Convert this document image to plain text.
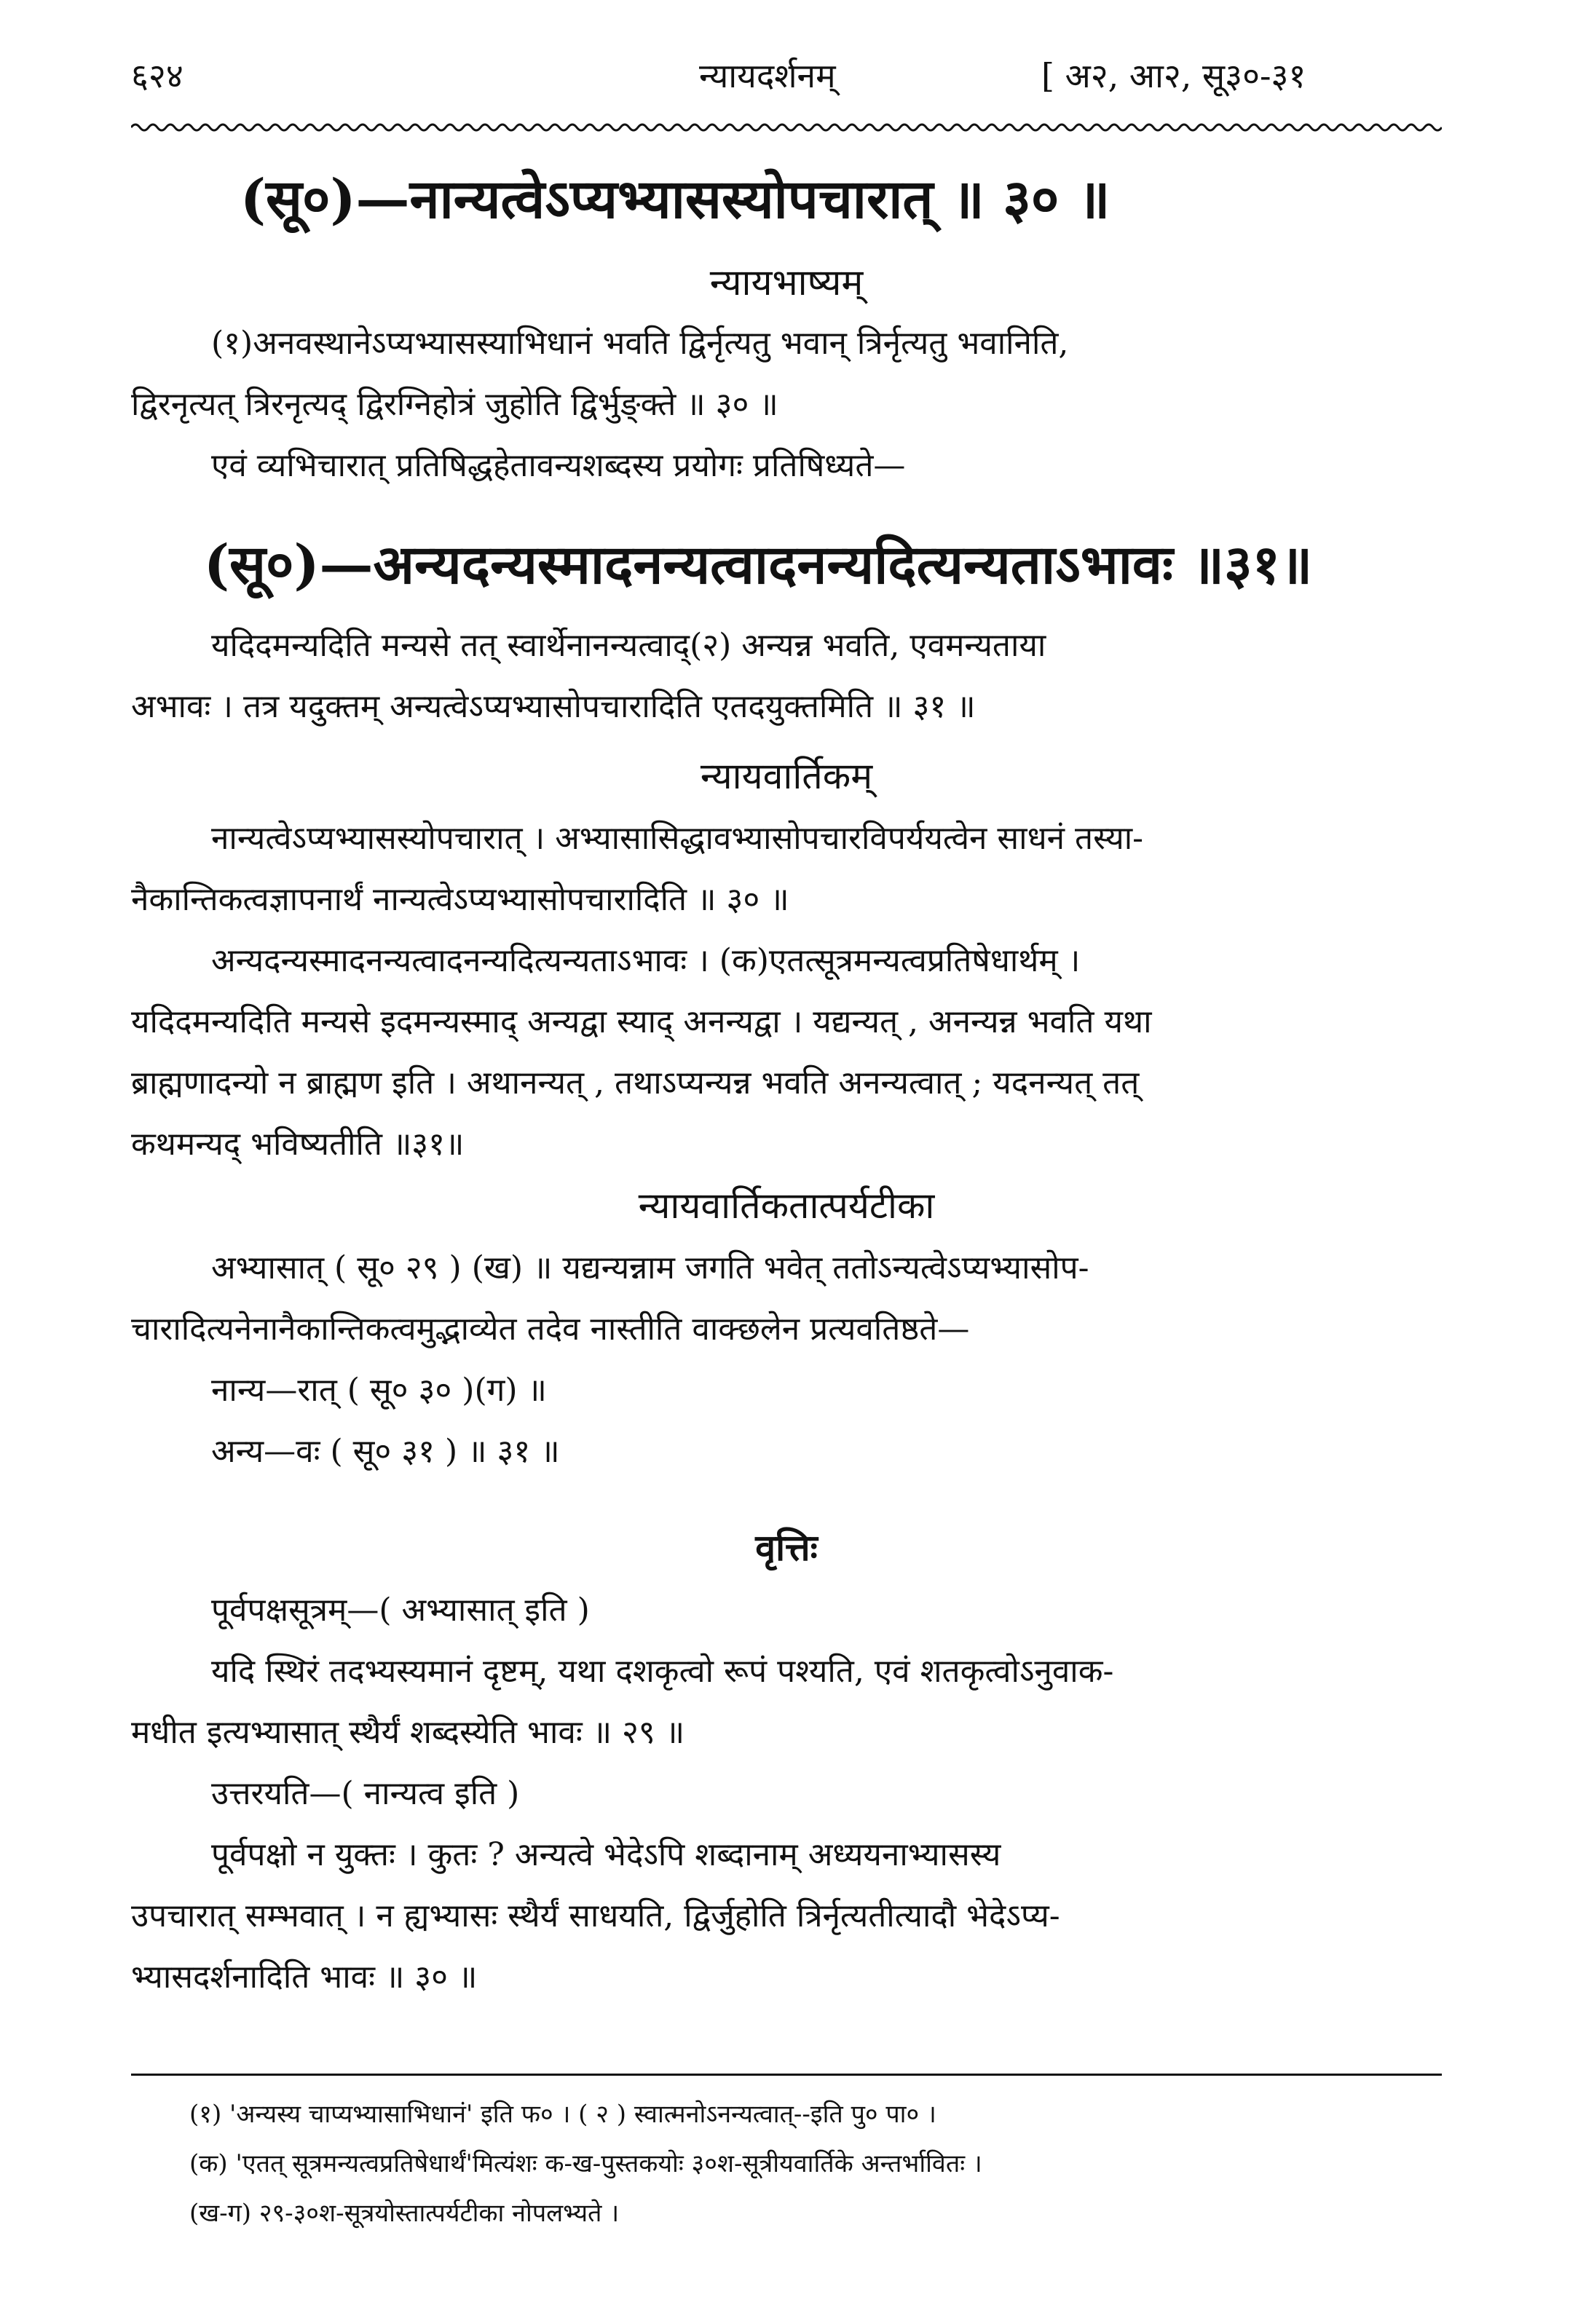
६२४	न्यायदर्शनम्	[ अ२, आ२, सू३०-३१
(सू०)—नान्यत्वेऽप्यभ्यासस्योपचारात् ॥ ३० ॥
न्यायभाष्यम्
(१)अनवस्थानेऽप्यभ्यासस्याभिधानं भवति द्विर्नृत्यतु भवान् त्रिर्नृत्यतु भवानिति,
द्विरनृत्यत् त्रिरनृत्यद् द्विरग्निहोत्रं जुहोति द्विर्भुङ्क्ते ॥ ३० ॥
एवं व्यभिचारात् प्रतिषिद्धहेतावन्यशब्दस्य प्रयोगः प्रतिषिध्यते—
(सू०)—अन्यदन्यस्मादनन्यत्वादनन्यदित्यन्यताऽभावः ॥३१॥
यदिदमन्यदिति मन्यसे तत् स्वार्थेनानन्यत्वाद्(२) अन्यन्न भवति, एवमन्यताया
अभावः । तत्र यदुक्तम् अन्यत्वेऽप्यभ्यासोपचारादिति एतदयुक्तमिति ॥ ३१ ॥
न्यायवार्तिकम्
नान्यत्वेऽप्यभ्यासस्योपचारात् । अभ्यासासिद्धावभ्यासोपचारविपर्ययत्वेन साधनं तस्या-
नैकान्तिकत्वज्ञापनार्थं नान्यत्वेऽप्यभ्यासोपचारादिति ॥ ३० ॥
अन्यदन्यस्मादनन्यत्वादनन्यदित्यन्यताऽभावः । (क)एतत्सूत्रमन्यत्वप्रतिषेधार्थम् ।
यदिदमन्यदिति मन्यसे इदमन्यस्माद् अन्यद्वा स्याद् अनन्यद्वा । यद्यन्यत् , अनन्यन्न भवति यथा
ब्राह्मणादन्यो न ब्राह्मण इति । अथानन्यत् , तथाऽप्यन्यन्न भवति अनन्यत्वात् ; यदनन्यत् तत्
कथमन्यद् भविष्यतीति ॥३१॥
न्यायवार्तिकतात्पर्यटीका
अभ्यासात् ( सू० २९ ) (ख) ॥ यद्यन्यन्नाम जगति भवेत् ततोऽन्यत्वेऽप्यभ्यासोप-
चारादित्यनेनानैकान्तिकत्वमुद्भाव्येत तदेव नास्तीति वाक्छलेन प्रत्यवतिष्ठते—
नान्य—रात् ( सू० ३० )(ग) ॥
अन्य—वः ( सू० ३१ ) ॥ ३१ ॥
वृत्तिः
पूर्वपक्षसूत्रम्—( अभ्यासात् इति )
यदि स्थिरं तदभ्यस्यमानं दृष्टम्, यथा दशकृत्वो रूपं पश्यति, एवं शतकृत्वोऽनुवाक-
मधीत इत्यभ्यासात् स्थैर्यं शब्दस्येति भावः ॥ २९ ॥
उत्तरयति—( नान्यत्व इति )
पूर्वपक्षो न युक्तः । कुतः ? अन्यत्वे भेदेऽपि शब्दानाम् अध्ययनाभ्यासस्य
उपचारात् सम्भवात् । न ह्यभ्यासः स्थैर्यं साधयति, द्विर्जुहोति त्रिर्नृत्यतीत्यादौ भेदेऽप्य-
भ्यासदर्शनादिति भावः ॥ ३० ॥
(१) 'अन्यस्य चाप्यभ्यासाभिधानं' इति फ० । ( २ ) स्वात्मनोऽनन्यत्वात्--इति पु० पा० ।
(क) 'एतत् सूत्रमन्यत्वप्रतिषेधार्थं'मित्यंशः क-ख-पुस्तकयोः ३०श-सूत्रीयवार्तिके अन्तर्भावितः ।
(ख-ग) २९-३०श-सूत्रयोस्तात्पर्यटीका नोपलभ्यते ।
